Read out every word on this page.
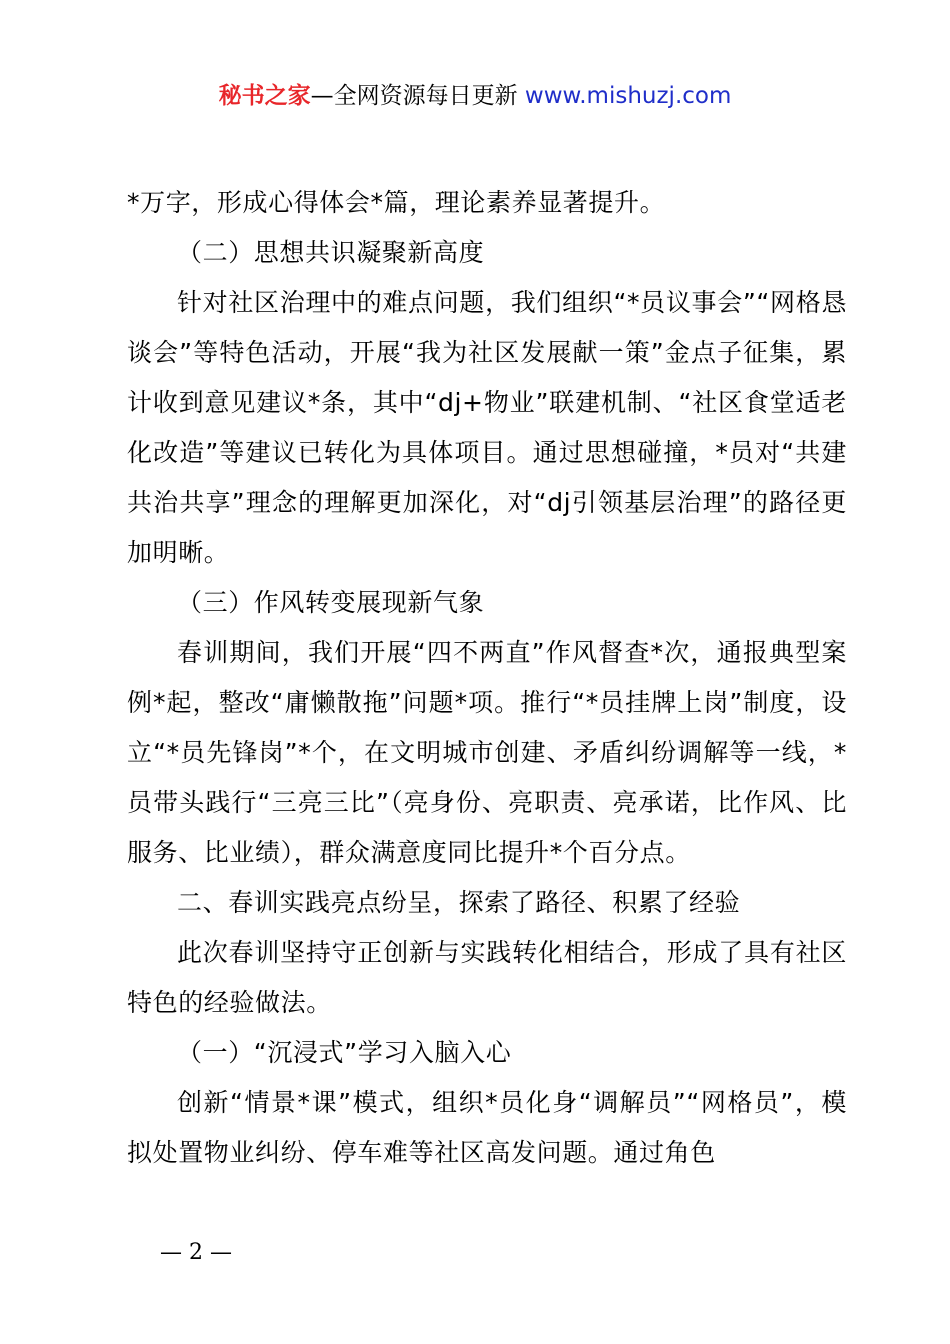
秘书之家—全网资源每日更新 www.mishuzj.com

*万字，形成心得体会*篇，理论素养显著提升。

（二）思想共识凝聚新高度

针对社区治理中的难点问题，我们组织“*员议事会”“网格恳谈会”等特色活动，开展“我为社区发展献一策”金点子征集，累计收到意见建议*条，其中“dj+物业”联建机制、“社区食堂适老化改造”等建议已转化为具体项目。通过思想碰撞，*员对“共建共治共享”理念的理解更加深化，对“dj引领基层治理”的路径更加明晰。

（三）作风转变展现新气象

春训期间，我们开展“四不两直”作风督查*次，通报典型案例*起，整改“庸懒散拖”问题*项。推行“*员挂牌上岗”制度，设立“*员先锋岗”*个，在文明城市创建、矛盾纠纷调解等一线，*员带头践行“三亮三比”（亮身份、亮职责、亮承诺，比作风、比服务、比业绩），群众满意度同比提升*个百分点。

二、春训实践亮点纷呈，探索了路径、积累了经验

此次春训坚持守正创新与实践转化相结合，形成了具有社区特色的经验做法。

（一）“沉浸式”学习入脑入心

创新“情景*课”模式，组织*员化身“调解员”“网格员”，模拟处置物业纠纷、停车难等社区高发问题。通过角色

— 2 —
